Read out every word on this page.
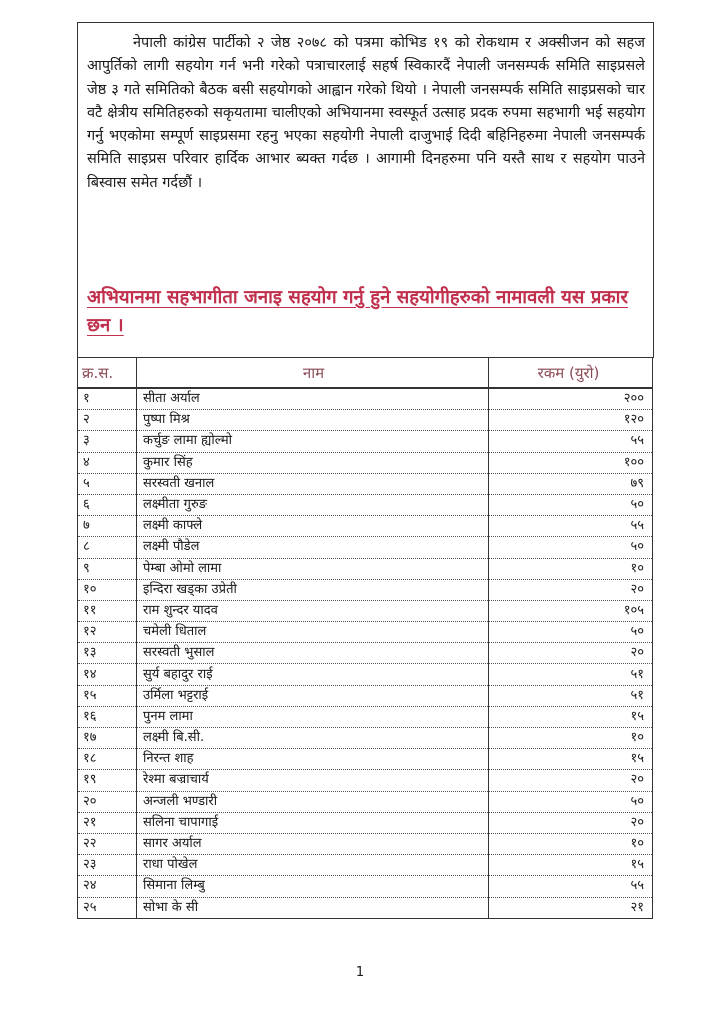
नेपाली कांग्रेस पार्टीको २ जेष्ठ २०७८ को पत्रमा कोभिड १९ को रोकथाम र अक्सीजन को सहज आपुर्तिको लागी सहयोग गर्न भनी गरेको पत्राचारलाई सहर्ष स्विकारदैं नेपाली जनसम्पर्क समिति साइप्रसले जेष्ठ ३ गते समितिको बैठक बसी सहयोगको आह्वान गरेको थियो । नेपाली जनसम्पर्क समिति साइप्रसको चार वटै क्षेत्रीय समितिहरुको सकृयतामा चालीएको अभियानमा स्वस्फूर्त उत्साह प्रदक रुपमा सहभागी भई सहयोग गर्नु भएकोमा सम्पूर्ण साइप्रसमा रहनु भएका सहयोगी नेपाली दाजुभाई दिदी बहिनिहरुमा नेपाली जनसम्पर्क समिति साइप्रस परिवार हार्दिक आभार ब्यक्त गर्दछ । आगामी दिनहरुमा पनि यस्तै साथ र सहयोग पाउने बिस्वास समेत गर्दछौं ।

अभियानमा सहभागीता जनाइ सहयोग गर्नु हुने सहयोगीहरुको नामावली यस प्रकार छन ।

क्र.स.	नाम	रकम (युरो)
१	सीता अर्याल	२००
२	पुष्पा मिश्र	१२०
३	कर्चुङ लामा ह्योल्मो	५५
४	कुमार सिंह	१००
५	सरस्वती खनाल	७९
६	लक्ष्मीता गुरुङ	५०
७	लक्ष्मी काफ्ले	५५
८	लक्ष्मी पौडेल	५०
९	पेम्बा ओमो लामा	१०
१०	इन्दिरा खड्का उप्रेती	२०
११	राम शुन्दर यादव	१०५
१२	चमेली धिताल	५०
१३	सरस्वती भुसाल	२०
१४	सुर्य बहादुर राई	५१
१५	उर्मिला भट्टराई	५१
१६	पुनम लामा	१५
१७	लक्ष्मी बि.सी.	१०
१८	निरन्त शाह	१५
१९	रेश्मा बज्राचार्य	२०
२०	अन्जली भण्डारी	५०
२१	सलिना चापागाई	२०
२२	सागर अर्याल	१०
२३	राधा पोखेल	१५
२४	सिमाना लिम्बु	५५
२५	सोभा के सी	२१
1
